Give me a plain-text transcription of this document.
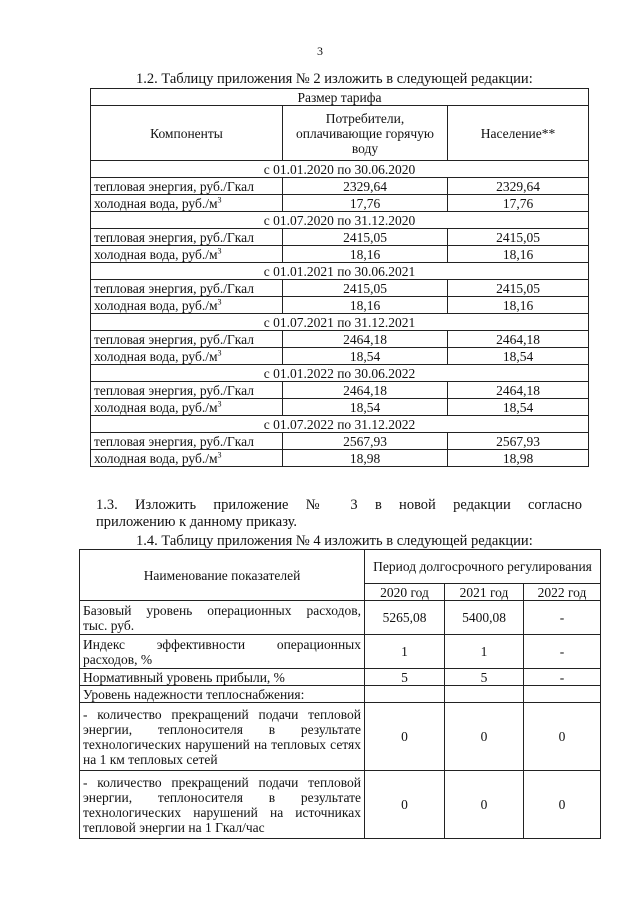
3
1.2. Таблицу приложения № 2 изложить в следующей редакции:
Размер тарифа		
Компоненты	Потребители, оплачивающие горячую воду	Население**
с 01.01.2020 по 30.06.2020		
тепловая энергия, руб./Гкал	2329,64	2329,64
холодная вода, $руб./м^3$	17,76	17,76
с 01.07.2020 по 31.12.2020		
тепловая энергия, руб./Гкал	2415,05	2415,05
холодная вода, $руб./м^3$	18,16	18,16
с 01.01.2021 по 30.06.2021		
тепловая энергия, руб./Гкал	2415,05	2415,05
холодная вода, $руб./м^3$	18,16	18,16
с 01.07.2021 по 31.12.2021		
тепловая энергия, руб./Гкал	2464,18	2464,18
холодная вода, $руб./м^3$	18,54	18,54
с 01.01.2022 по 30.06.2022		
тепловая энергия, руб./Гкал	2464,18	2464,18
холодная вода, $руб./м^3$	18,54	18,54
с 01.07.2022 по 31.12.2022		
тепловая энергия, руб./Гкал	2567,93	2567,93
холодная вода, $руб./м^3$	18,98	18,98
1.3. Изложить приложение № 3 в новой редакции согласно
приложению к данному приказу.
1.4. Таблицу приложения № 4 изложить в следующей редакции:
Наименование показателей	Период долгосрочного регулирования		
	2020 год	2021 год	2022 год

Базовый уровень операционных расходов,
тыс. руб.	5265,08	5400,08	-

Индекс эффективности операционных
расходов, %	1	1	-
Нормативный уровень прибыли, %	5	5	-
Уровень надежности теплоснабжения:			
- количество прекращений подачи тепловой энергии, теплоносителя в результате технологических нарушений на тепловых сетях на 1 км тепловых сетей	0	0	0
- количество прекращений подачи тепловой энергии, теплоносителя в результате технологических нарушений на источниках тепловой энергии на 1 Гкал/час	0	0	0
